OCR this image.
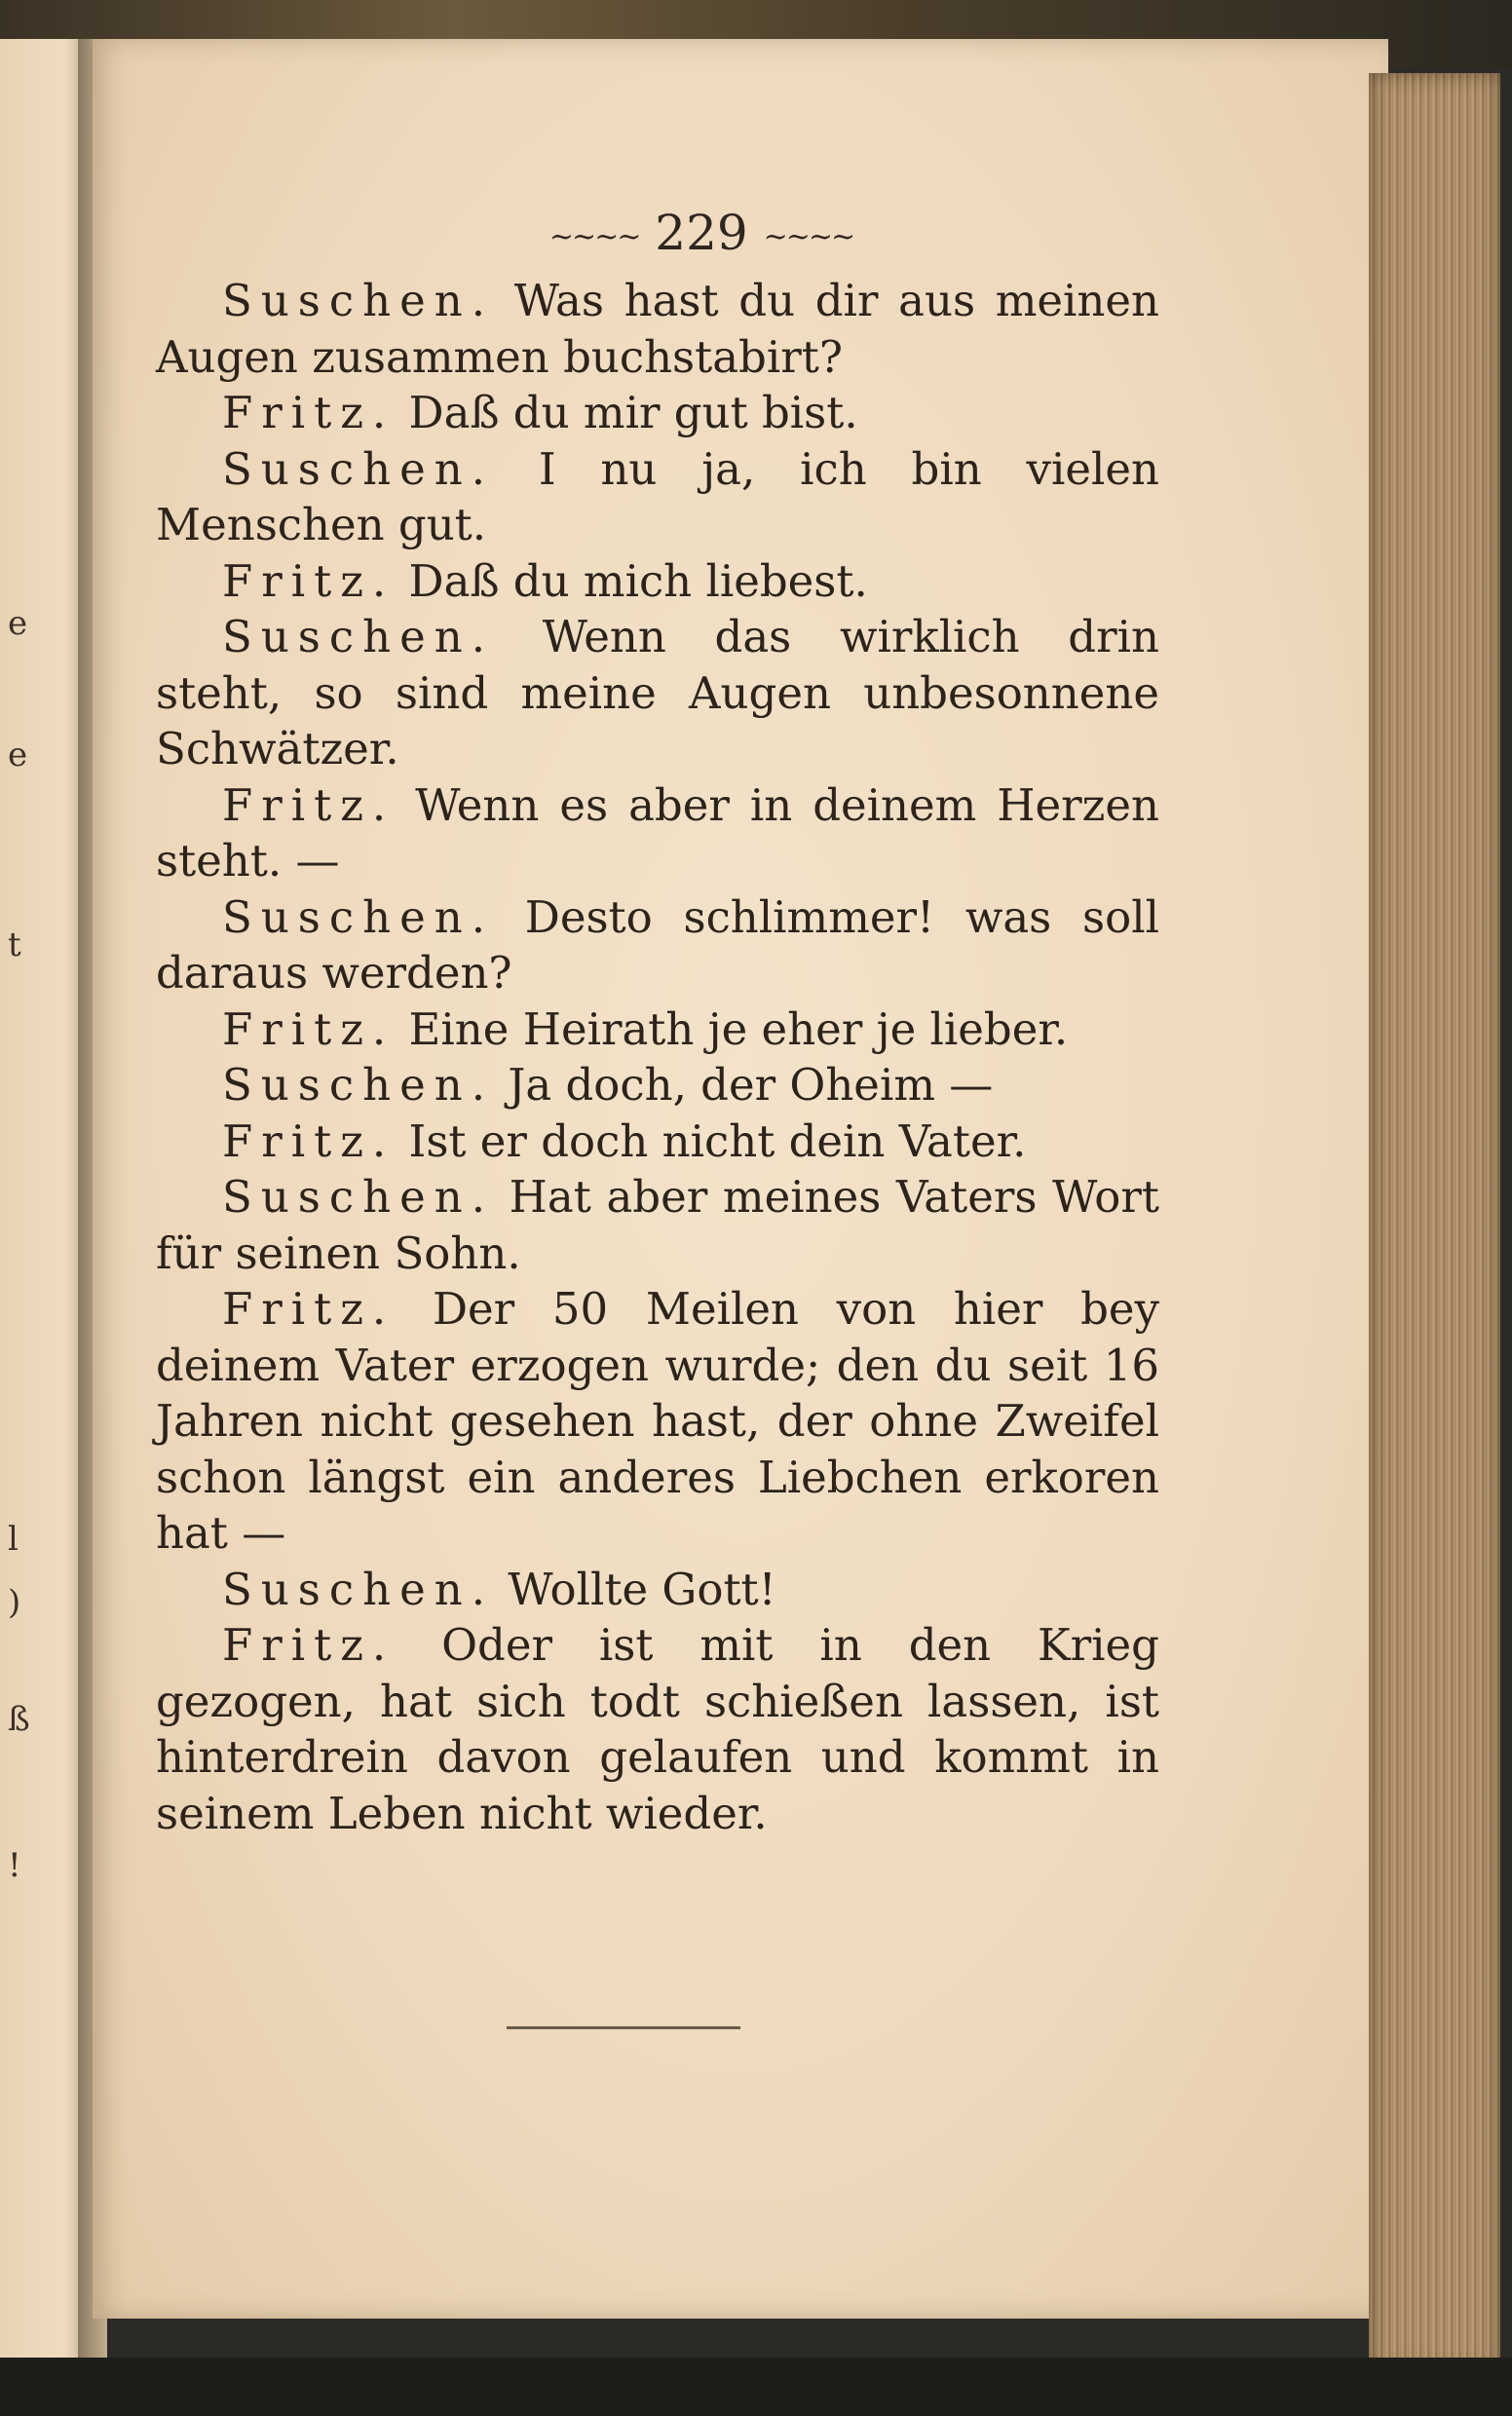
e
e
t
l
)
ß
!
~~~~ 229 ~~~~

Suschen. Was hast du dir aus meinen Augen zusammen buchstabirt?

Fritz. Daß du mir gut bist.

Suschen. I nu ja, ich bin vielen Menschen gut.

Fritz. Daß du mich liebest.

Suschen. Wenn das wirklich drin steht, so sind meine Augen unbesonnene Schwätzer.

Fritz. Wenn es aber in deinem Herzen steht. —

Suschen. Desto schlimmer! was soll daraus werden?

Fritz. Eine Heirath je eher je lieber.

Suschen. Ja doch, der Oheim —

Fritz. Ist er doch nicht dein Vater.

Suschen. Hat aber meines Vaters Wort für seinen Sohn.

Fritz. Der 50 Meilen von hier bey deinem Vater erzogen wurde; den du seit 16 Jahren nicht gesehen hast, der ohne Zweifel schon längst ein anderes Liebchen erkoren hat —

Suschen. Wollte Gott!

Fritz. Oder ist mit in den Krieg gezogen, hat sich todt schießen lassen, ist hinterdrein davon gelaufen und kommt in seinem Leben nicht wieder.
